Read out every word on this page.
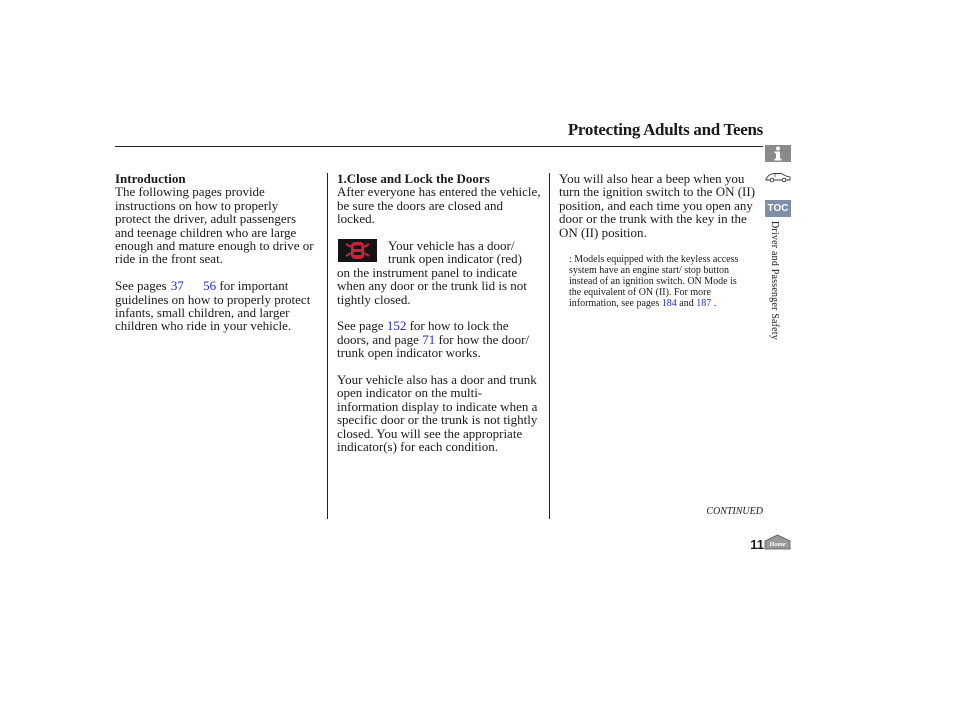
Protecting Adults and Teens

Introduction

The following pages provide instructions on how to properly protect the driver, adult passengers and teenage children who are large enough and mature enough to drive or ride in the front seat.

See pages 37 56 for important guidelines on how to properly protect infants, small children, and larger children who ride in your vehicle.

1.Close and Lock the Doors

After everyone has entered the vehicle, be sure the doors are closed and locked.

Your vehicle has a door/ trunk open indicator (red)

on the instrument panel to indicate when any door or the trunk lid is not tightly closed.

See page 152 for how to lock the doors, and page 71 for how the door/ trunk open indicator works.

Your vehicle also has a door and trunk open indicator on the multi-information display to indicate when a specific door or the trunk is not tightly closed. You will see the appropriate indicator(s) for each condition.

You will also hear a beep when you turn the ignition switch to the ON (II) position, and each time you open any door or the trunk with the key in the ON (II) position.

: Models equipped with the keyless access system have an engine start/ stop button instead of an ignition switch. ON Mode is the equivalent of ON (II). For more information, see pages 184 and 187 .
TOC
Driver and Passenger Safety
CONTINUED
11 Home
